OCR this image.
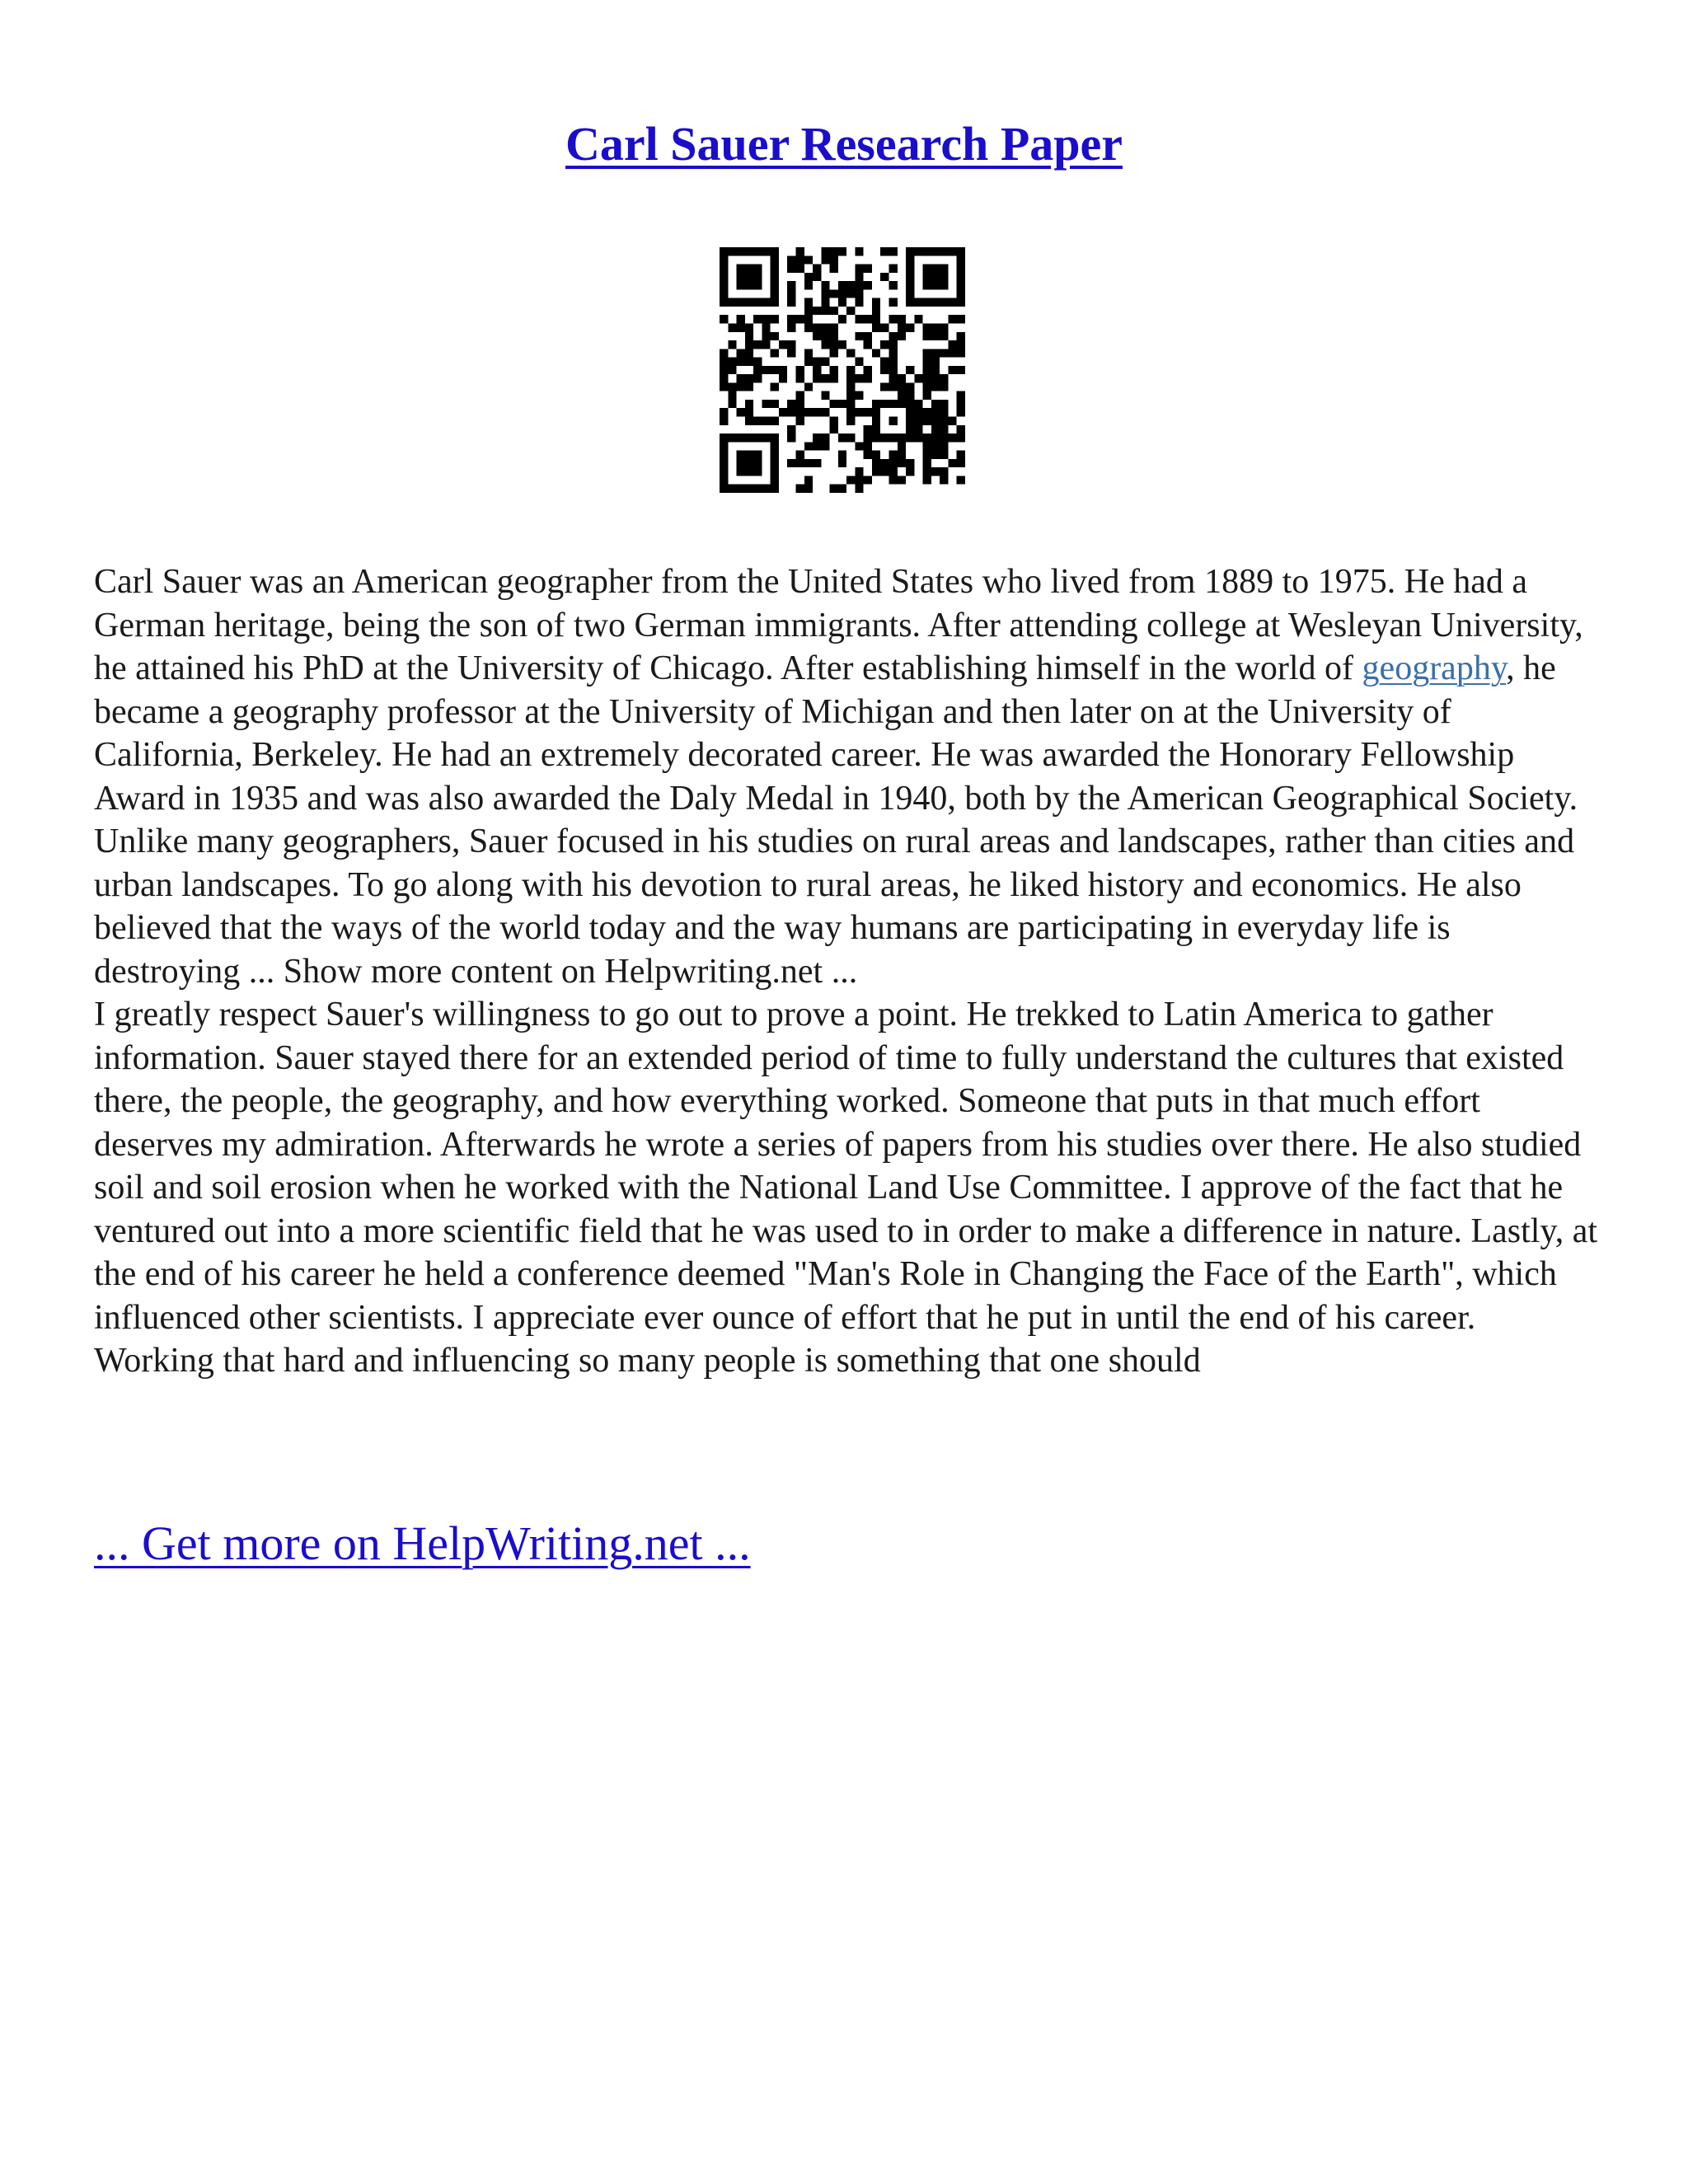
Carl Sauer Research Paper

Carl Sauer was an American geographer from the United States who lived from 1889 to 1975. He had a German heritage, being the son of two German immigrants. After attending college at Wesleyan University, he attained his PhD at the University of Chicago. After establishing himself in the world of geography, he became a geography professor at the University of Michigan and then later on at the University of California, Berkeley. He had an extremely decorated career. He was awarded the Honorary Fellowship Award in 1935 and was also awarded the Daly Medal in 1940, both by the American Geographical Society. Unlike many geographers, Sauer focused in his studies on rural areas and landscapes, rather than cities and urban landscapes. To go along with his devotion to rural areas, he liked history and economics. He also believed that the ways of the world today and the way humans are participating in everyday life is destroying ... Show more content on Helpwriting.net ...

I greatly respect Sauer's willingness to go out to prove a point. He trekked to Latin America to gather information. Sauer stayed there for an extended period of time to fully understand the cultures that existed there, the people, the geography, and how everything worked. Someone that puts in that much effort deserves my admiration. Afterwards he wrote a series of papers from his studies over there. He also studied soil and soil erosion when he worked with the National Land Use Committee. I approve of the fact that he ventured out into a more scientific field that he was used to in order to make a difference in nature. Lastly, at the end of his career he held a conference deemed "Man's Role in Changing the Face of the Earth", which influenced other scientists. I appreciate ever ounce of effort that he put in until the end of his career. Working that hard and influencing so many people is something that one should

... Get more on HelpWriting.net ...
